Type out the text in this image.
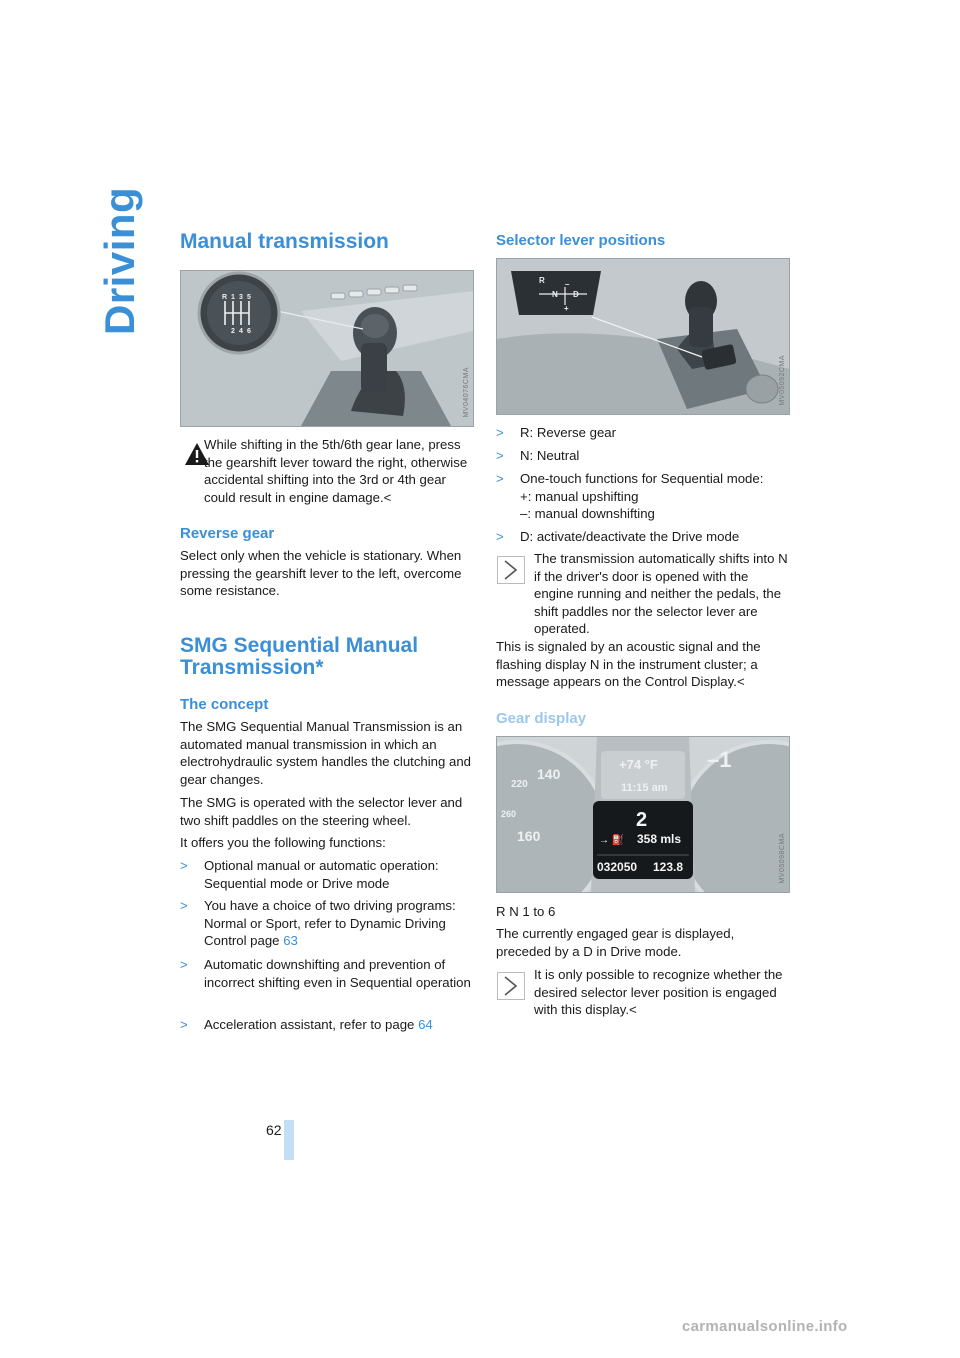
Driving Manual transmission
R 1 3 5
2 4 6
MV04076CMA

While shifting in the 5th/6th gear lane, press the gearshift lever toward the right, otherwise accidental shifting into the 3rd or 4th gear could result in engine damage.<

Reverse gear

Select only when the vehicle is stationary. When pressing the gearshift lever to the left, overcome some resistance.

SMG Sequential Manual
Transmission*
The concept

The SMG Sequential Manual Transmission is an automated manual transmission in which an electrohydraulic system handles the clutching and gear changes.

The SMG is operated with the selector lever and two shift paddles on the steering wheel.

It offers you the following functions:

>	Optional manual or automatic operation: Sequential mode or Drive mode
>	You have a choice of two driving programs: Normal or Sport, refer to Dynamic Driving Control page 63
>	Automatic downshifting and prevention of incorrect shifting even in Sequential operation
>	Acceleration assistant, refer to page 64
Selector lever positions
R
N D
–
+
MV05092CMA
>	R: Reverse gear
>	N: Neutral
>	One-touch functions for Sequential mode:
+: manual upshifting
–: manual downshifting
>	D: activate/deactivate the Drive mode

The transmission automatically shifts into N if the driver's door is opened with the engine running and neither the pedals, the shift paddles nor the selector lever are operated.

This is signaled by an acoustic signal and the flashing display N in the instrument cluster; a message appears on the Control Display.<

Gear display
220
140
160
260
–1
+74 °F
11:15 am
2
→ ⛽ 358 mls
032050 123.8	MV05098CMA

R N 1 to 6

The currently engaged gear is displayed, preceded by a D in Drive mode.

It is only possible to recognize whether the desired selector lever position is engaged with this display.<

62
carmanualsonline.info
